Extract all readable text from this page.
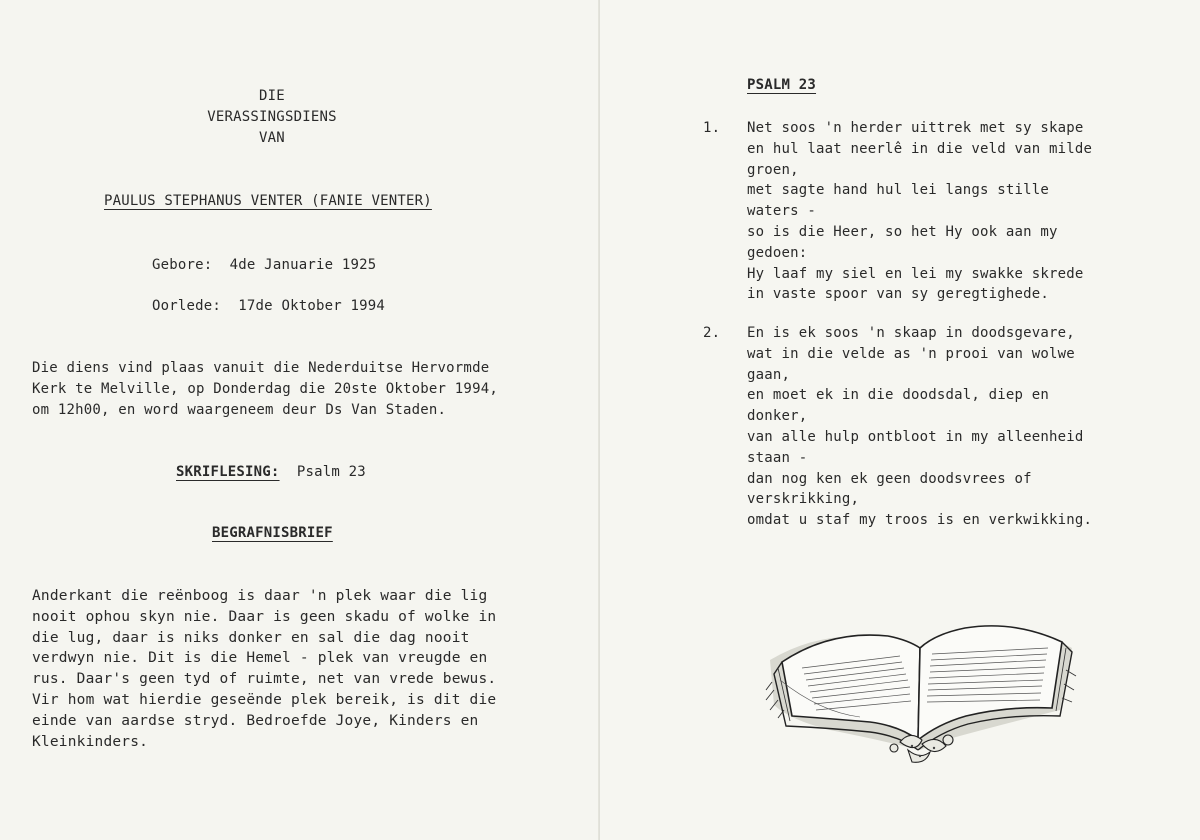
DIE
VERASSINGSDIENS
VAN
PAULUS STEPHANUS VENTER (FANIE VENTER)
Gebore: 4de Januarie 1925
Oorlede: 17de Oktober 1994
Die diens vind plaas vanuit die Nederduitse Hervormde
Kerk te Melville, op Donderdag die 20ste Oktober 1994,
om 12h00, en word waargeneem deur Ds Van Staden.
SKRIFLESING: Psalm 23
BEGRAFNISBRIEF
Anderkant die reënboog is daar 'n plek waar die lig
nooit ophou skyn nie. Daar is geen skadu of wolke in
die lug, daar is niks donker en sal die dag nooit
verdwyn nie. Dit is die Hemel - plek van vreugde en
rus. Daar's geen tyd of ruimte, net van vrede bewus.
Vir hom wat hierdie geseënde plek bereik, is dit die
einde van aardse stryd. Bedroefde Joye, Kinders en
Kleinkinders.
PSALM 23
1. Net soos 'n herder uittrek met sy skape
en hul laat neerlê in die veld van milde
groen,
met sagte hand hul lei langs stille
waters -
so is die Heer, so het Hy ook aan my
gedoen:
Hy laaf my siel en lei my swakke skrede
in vaste spoor van sy geregtighede.
2. En is ek soos 'n skaap in doodsgevare,
wat in die velde as 'n prooi van wolwe
gaan,
en moet ek in die doodsdal, diep en
donker,
van alle hulp ontbloot in my alleenheid
staan -
dan nog ken ek geen doodsvrees of
verskrikking,
omdat u staf my troos is en verkwikking.
